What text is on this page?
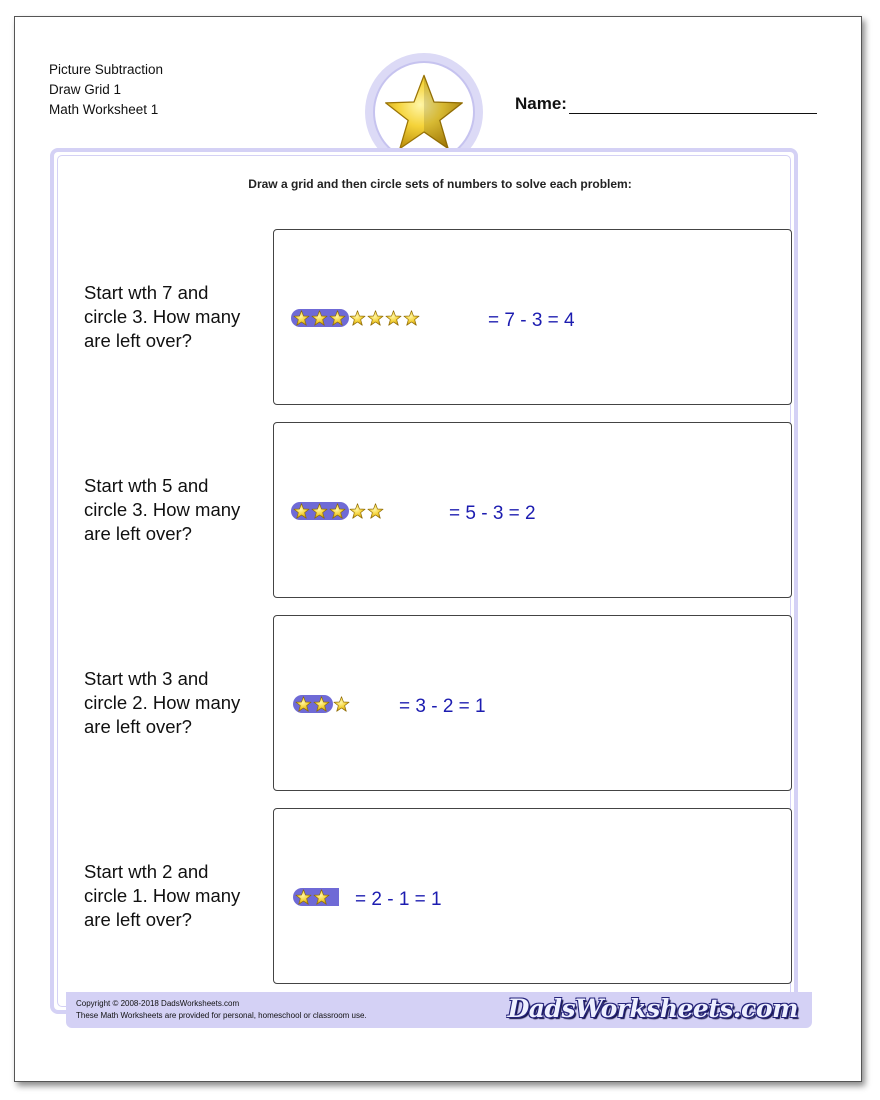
Picture Subtraction
Draw Grid 1
Math Worksheet 1	Name:
Draw a grid and then circle sets of numbers to solve each problem:
Start wth 7 and
circle 3. How many
are left over?
= 7 - 3 = 4
Start wth 5 and
circle 3. How many
are left over?
= 5 - 3 = 2
Start wth 3 and
circle 2. How many
are left over?
= 3 - 2 = 1
Start wth 2 and
circle 1. How many
are left over?
= 2 - 1 = 1
Copyright © 2008-2018 DadsWorksheets.com
These Math Worksheets are provided for personal, homeschool or classroom use.	DadsWorksheets.com
